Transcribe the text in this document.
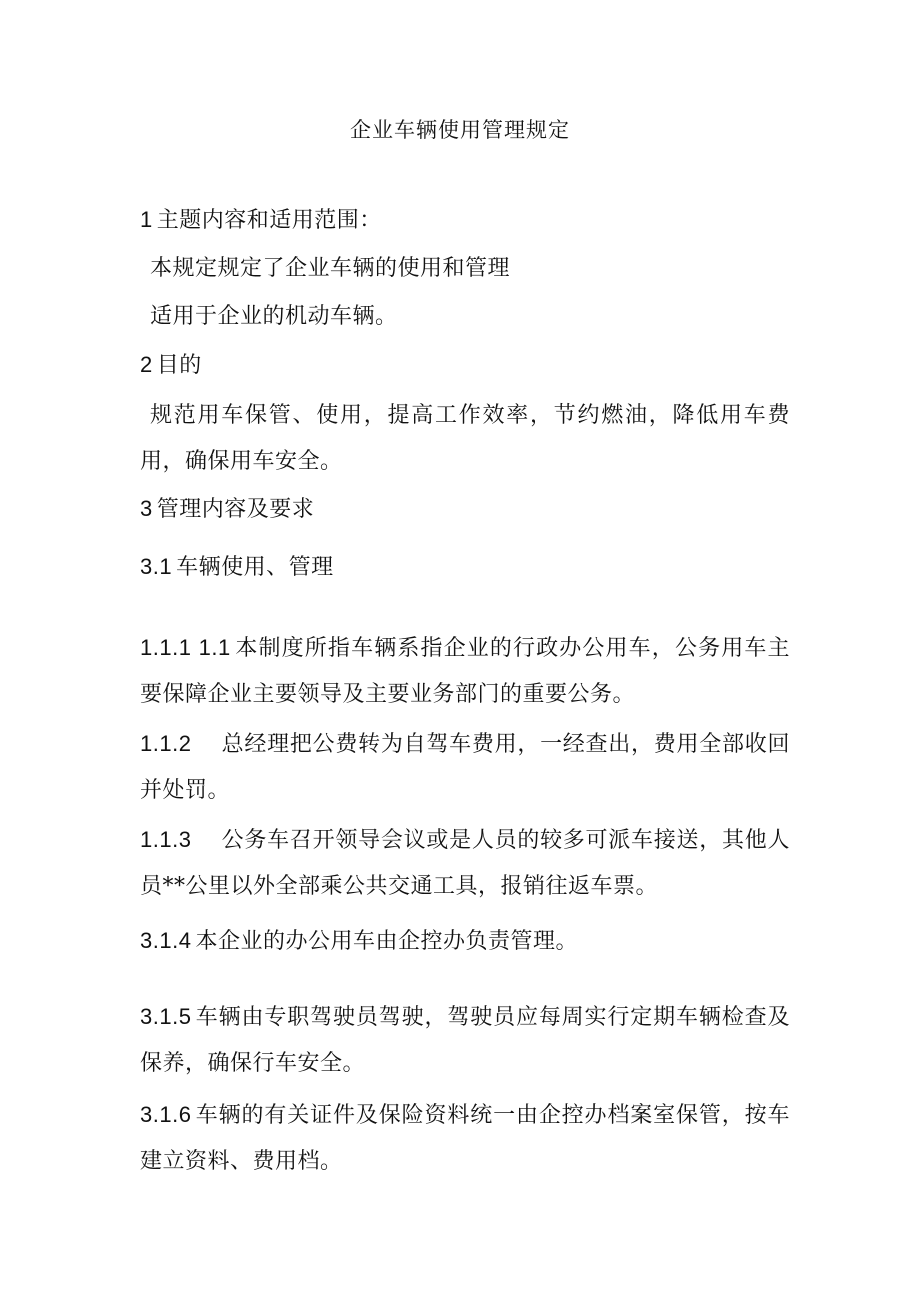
企业车辆使用管理规定
1 主题内容和适用范围：
本规定规定了企业车辆的使用和管理
适用于企业的机动车辆。
2 目的
规范用车保管、使用，提高工作效率，节约燃油，降低用车费用，确保用车安全。
3 管理内容及要求
3.1 车辆使用、管理
1.1.1 1.1 本制度所指车辆系指企业的行政办公用车，公务用车主要保障企业主要领导及主要业务部门的重要公务。
1.1.2 总经理把公费转为自驾车费用，一经查出，费用全部收回并处罚。
1.1.3 公务车召开领导会议或是人员的较多可派车接送，其他人员**公里以外全部乘公共交通工具，报销往返车票。
3.1.4 本企业的办公用车由企控办负责管理。
3.1.5 车辆由专职驾驶员驾驶，驾驶员应每周实行定期车辆检查及保养，确保行车安全。
3.1.6 车辆的有关证件及保险资料统一由企控办档案室保管，按车建立资料、费用档。
